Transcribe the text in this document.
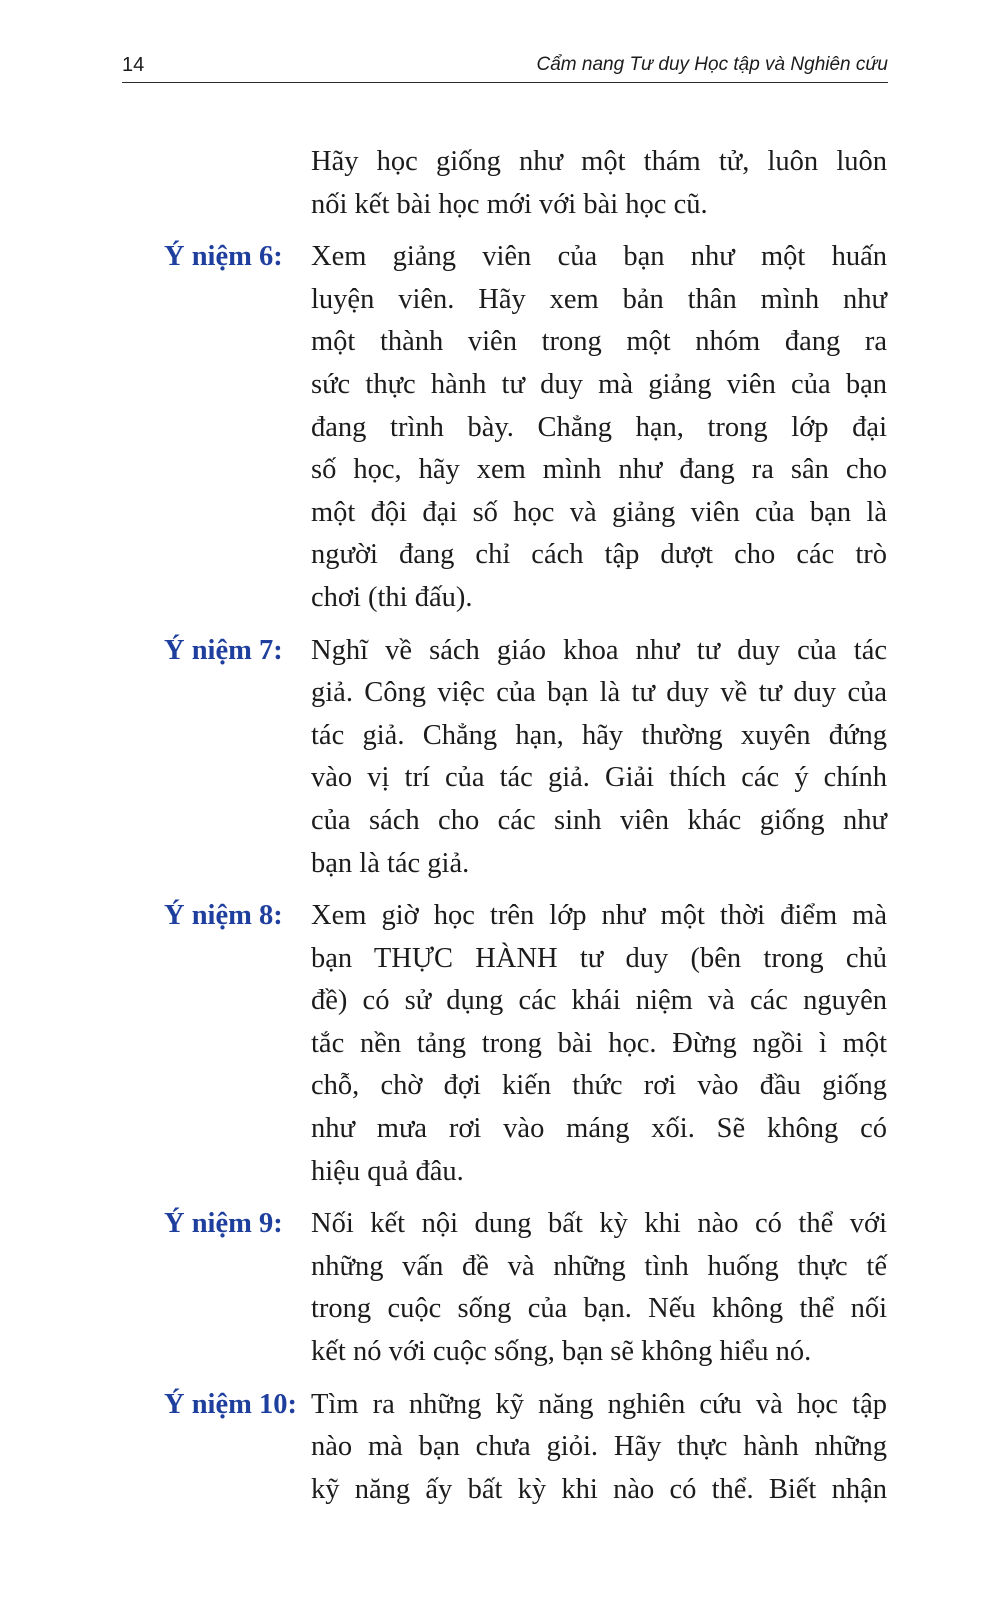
14	Cẩm nang Tư duy Học tập và Nghiên cứu
Hãy học giống như một thám tử, luôn luôn
nối kết bài học mới với bài học cũ.
Ý niệm 6: Xem giảng viên của bạn như một huấn
luyện viên. Hãy xem bản thân mình như
một thành viên trong một nhóm đang ra
sức thực hành tư duy mà giảng viên của bạn
đang trình bày. Chẳng hạn, trong lớp đại
số học, hãy xem mình như đang ra sân cho
một đội đại số học và giảng viên của bạn là
người đang chỉ cách tập dượt cho các trò
chơi (thi đấu).
Ý niệm 7: Nghĩ về sách giáo khoa như tư duy của tác
giả. Công việc của bạn là tư duy về tư duy của
tác giả. Chẳng hạn, hãy thường xuyên đứng
vào vị trí của tác giả. Giải thích các ý chính
của sách cho các sinh viên khác giống như
bạn là tác giả.
Ý niệm 8: Xem giờ học trên lớp như một thời điểm mà
bạn THỰC HÀNH tư duy (bên trong chủ
đề) có sử dụng các khái niệm và các nguyên
tắc nền tảng trong bài học. Đừng ngồi ì một
chỗ, chờ đợi kiến thức rơi vào đầu giống
như mưa rơi vào máng xối. Sẽ không có
hiệu quả đâu.
Ý niệm 9: Nối kết nội dung bất kỳ khi nào có thể với
những vấn đề và những tình huống thực tế
trong cuộc sống của bạn. Nếu không thể nối
kết nó với cuộc sống, bạn sẽ không hiểu nó.
Ý niệm 10: Tìm ra những kỹ năng nghiên cứu và học tập
nào mà bạn chưa giỏi. Hãy thực hành những
kỹ năng ấy bất kỳ khi nào có thể. Biết nhận
